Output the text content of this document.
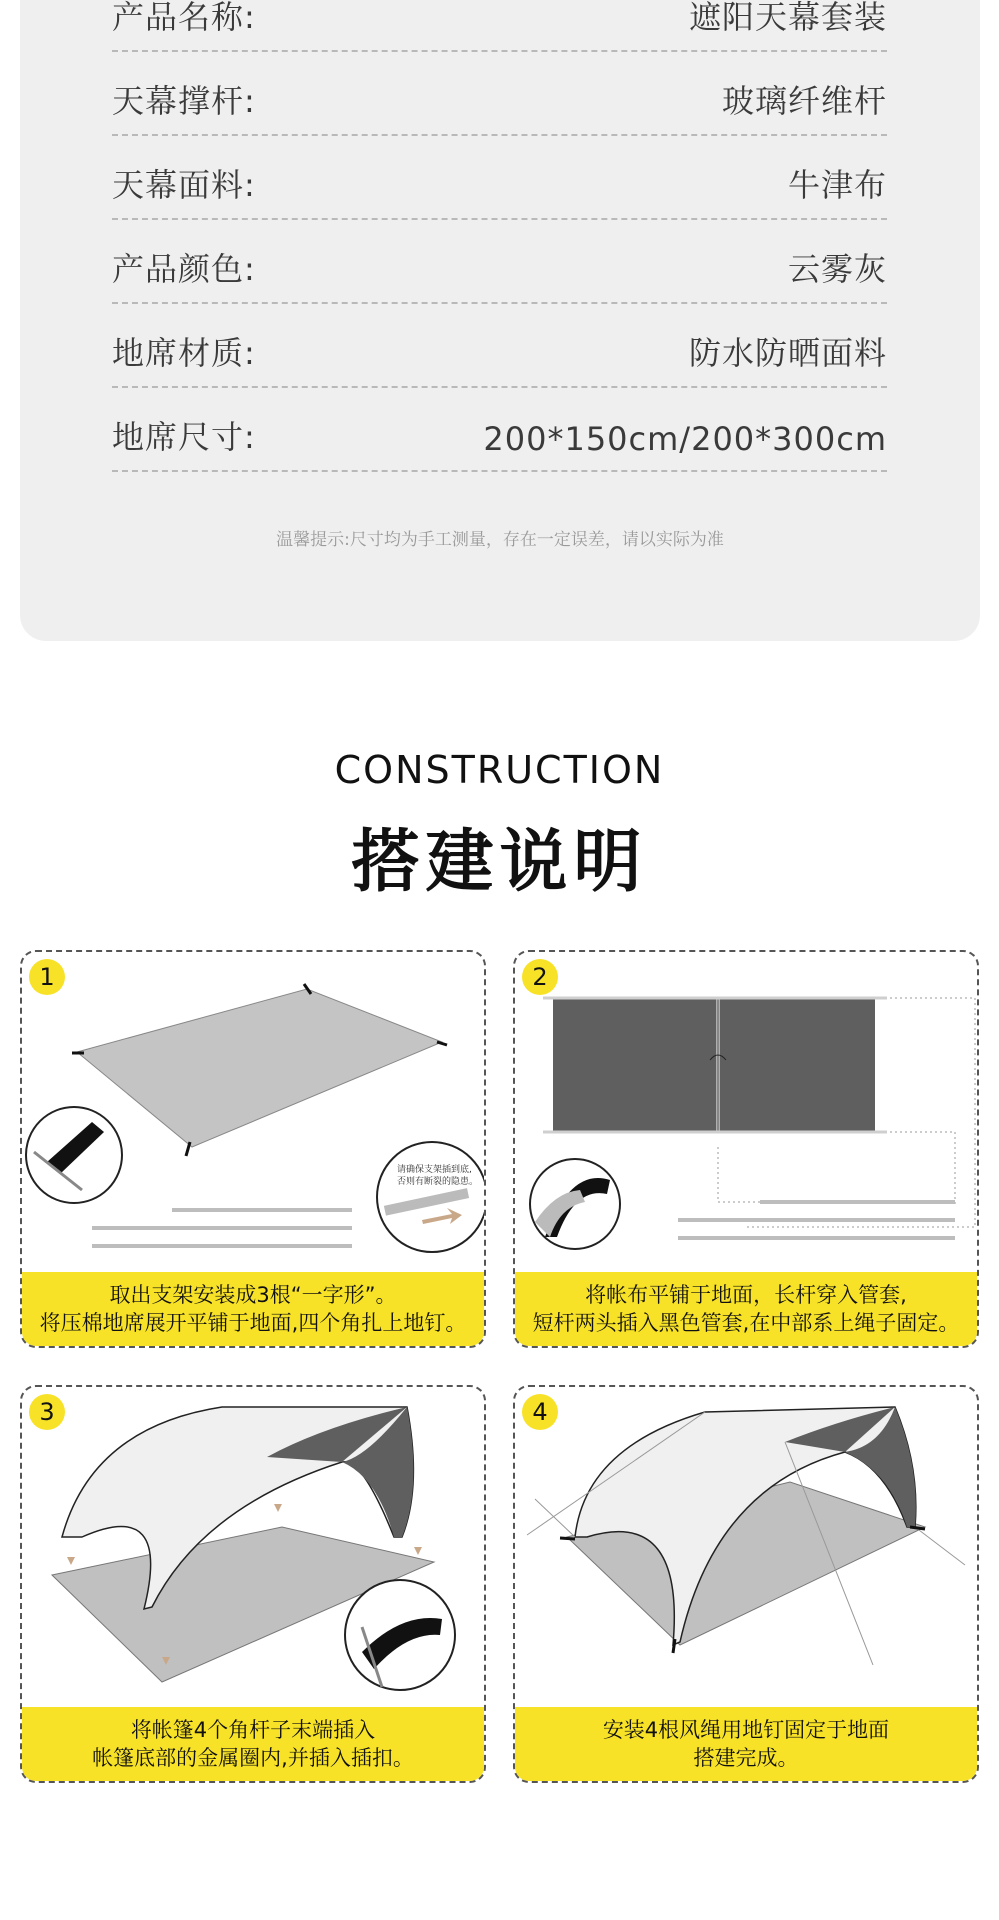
产品名称:	遮阳天幕套装
天幕撑杆:	玻璃纤维杆
天幕面料:	牛津布
产品颜色:	云雾灰
地席材质:	防水防晒面料
地席尺寸:	200*150cm/200*300cm
温馨提示:尺寸均为手工测量，存在一定误差，请以实际为准
CONSTRUCTION
搭建说明
1
请确保支架插到底,
否则有断裂的隐患。
取出支架安装成3根“一字形”。
将压棉地席展开平铺于地面,四个角扎上地钉。
2
将帐布平铺于地面，长杆穿入管套,
短杆两头插入黑色管套,在中部系上绳子固定。
3
将帐篷4个角杆子末端插入
帐篷底部的金属圈内,并插入插扣。
4
安装4根风绳用地钉固定于地面
搭建完成。
